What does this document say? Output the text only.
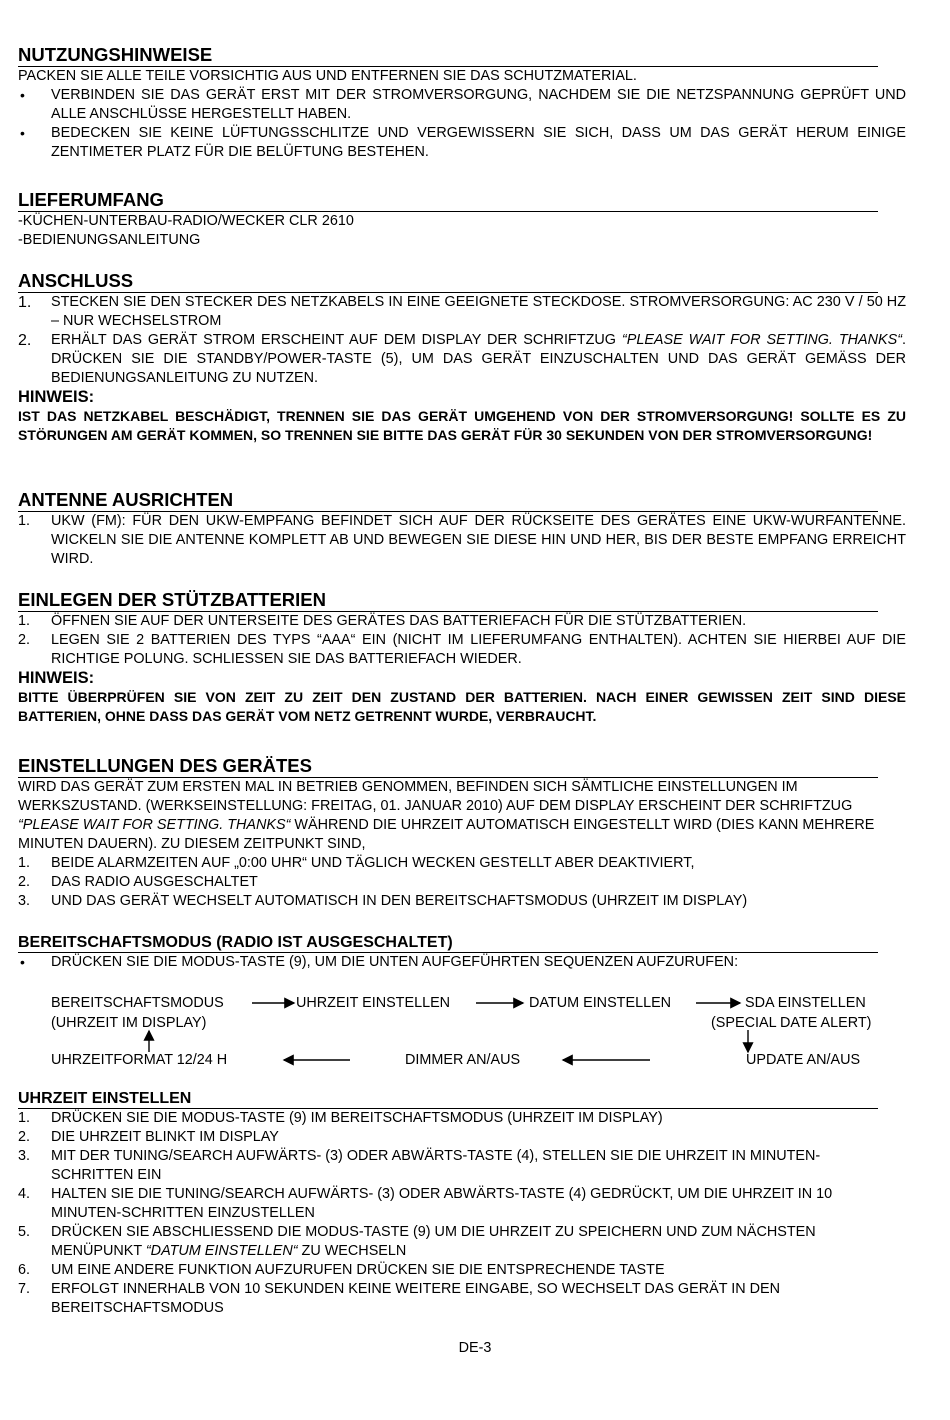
NUTZUNGSHINWEISE

PACKEN SIE ALLE TEILE VORSICHTIG AUS UND ENTFERNEN SIE DAS SCHUTZMATERIAL.

• VERBINDEN SIE DAS GERÄT ERST MIT DER STROMVERSORGUNG, NACHDEM SIE DIE NETZSPANNUNG GEPRÜFT UND ALLE ANSCHLÜSSE HERGESTELLT HABEN.
• BEDECKEN SIE KEINE LÜFTUNGSSCHLITZE UND VERGEWISSERN SIE SICH, DASS UM DAS GERÄT HERUM EINIGE ZENTIMETER PLATZ FÜR DIE BELÜFTUNG BESTEHEN.
LIEFERUMFANG

-KÜCHEN-UNTERBAU-RADIO/WECKER CLR 2610

-BEDIENUNGSANLEITUNG

ANSCHLUSS
1.	STECKEN SIE DEN STECKER DES NETZKABELS IN EINE GEEIGNETE STECKDOSE. STROMVERSORGUNG: AC 230 V / 50 HZ – NUR WECHSELSTROM
2.	ERHÄLT DAS GERÄT STROM ERSCHEINT AUF DEM DISPLAY DER SCHRIFTZUG “PLEASE WAIT FOR SETTING. THANKS“. DRÜCKEN SIE DIE STANDBY/POWER-TASTE (5), UM DAS GERÄT EINZUSCHALTEN UND DAS GERÄT GEMÄSS DER BEDIENUNGSANLEITUNG ZU NUTZEN.

HINWEIS:

IST DAS NETZKABEL BESCHÄDIGT, TRENNEN SIE DAS GERÄT UMGEHEND VON DER STROMVERSORGUNG! SOLLTE ES ZU STÖRUNGEN AM GERÄT KOMMEN, SO TRENNEN SIE BITTE DAS GERÄT FÜR 30 SEKUNDEN VON DER STROMVERSORGUNG!

ANTENNE AUSRICHTEN
1.	UKW (FM): FÜR DEN UKW-EMPFANG BEFINDET SICH AUF DER RÜCKSEITE DES GERÄTES EINE UKW-WURFANTENNE. WICKELN SIE DIE ANTENNE KOMPLETT AB UND BEWEGEN SIE DIESE HIN UND HER, BIS DER BESTE EMPFANG ERREICHT WIRD.
EINLEGEN DER STÜTZBATTERIEN
1.	ÖFFNEN SIE AUF DER UNTERSEITE DES GERÄTES DAS BATTERIEFACH FÜR DIE STÜTZBATTERIEN.
2.	LEGEN SIE 2 BATTERIEN DES TYPS “AAA“ EIN (NICHT IM LIEFERUMFANG ENTHALTEN). ACHTEN SIE HIERBEI AUF DIE RICHTIGE POLUNG. SCHLIESSEN SIE DAS BATTERIEFACH WIEDER.

HINWEIS:

BITTE ÜBERPRÜFEN SIE VON ZEIT ZU ZEIT DEN ZUSTAND DER BATTERIEN. NACH EINER GEWISSEN ZEIT SIND DIESE BATTERIEN, OHNE DASS DAS GERÄT VOM NETZ GETRENNT WURDE, VERBRAUCHT.

EINSTELLUNGEN DES GERÄTES

WIRD DAS GERÄT ZUM ERSTEN MAL IN BETRIEB GENOMMEN, BEFINDEN SICH SÄMTLICHE EINSTELLUNGEN IM WERKSZUSTAND. (WERKSEINSTELLUNG: FREITAG, 01. JANUAR 2010) AUF DEM DISPLAY ERSCHEINT DER SCHRIFTZUG “PLEASE WAIT FOR SETTING. THANKS“ WÄHREND DIE UHRZEIT AUTOMATISCH EINGESTELLT WIRD (DIES KANN MEHRERE MINUTEN DAUERN). ZU DIESEM ZEITPUNKT SIND,

1.	BEIDE ALARMZEITEN AUF „0:00 UHR“ UND TÄGLICH WECKEN GESTELLT ABER DEAKTIVIERT,
2.	DAS RADIO AUSGESCHALTET
3.	UND DAS GERÄT WECHSELT AUTOMATISCH IN DEN BEREITSCHAFTSMODUS (UHRZEIT IM DISPLAY)
BEREITSCHAFTSMODUS (RADIO IST AUSGESCHALTET)
• DRÜCKEN SIE DIE MODUS-TASTE (9), UM DIE UNTEN AUFGEFÜHRTEN SEQUENZEN AUFZURUFEN:
BEREITSCHAFTSMODUS
(UHRZEIT IM DISPLAY)
UHRZEIT EINSTELLEN	DATUM EINSTELLEN	SDA EINSTELLEN
(SPECIAL DATE ALERT)
UPDATE AN/AUS
DIMMER AN/AUS
UHRZEITFORMAT 12/24 H
UHRZEIT EINSTELLEN
1.	DRÜCKEN SIE DIE MODUS-TASTE (9) IM BEREITSCHAFTSMODUS (UHRZEIT IM DISPLAY)
2.	DIE UHRZEIT BLINKT IM DISPLAY
3.	MIT DER TUNING/SEARCH AUFWÄRTS- (3) ODER ABWÄRTS-TASTE (4), STELLEN SIE DIE UHRZEIT IN MINUTEN-SCHRITTEN EIN
4.	HALTEN SIE DIE TUNING/SEARCH AUFWÄRTS- (3) ODER ABWÄRTS-TASTE (4) GEDRÜCKT, UM DIE UHRZEIT IN 10 MINUTEN-SCHRITTEN EINZUSTELLEN
5.	DRÜCKEN SIE ABSCHLIESSEND DIE MODUS-TASTE (9) UM DIE UHRZEIT ZU SPEICHERN UND ZUM NÄCHSTEN MENÜPUNKT “DATUM EINSTELLEN“ ZU WECHSELN
6.	UM EINE ANDERE FUNKTION AUFZURUFEN DRÜCKEN SIE DIE ENTSPRECHENDE TASTE
7.	ERFOLGT INNERHALB VON 10 SEKUNDEN KEINE WEITERE EINGABE, SO WECHSELT DAS GERÄT IN DEN BEREITSCHAFTSMODUS
DE-3
